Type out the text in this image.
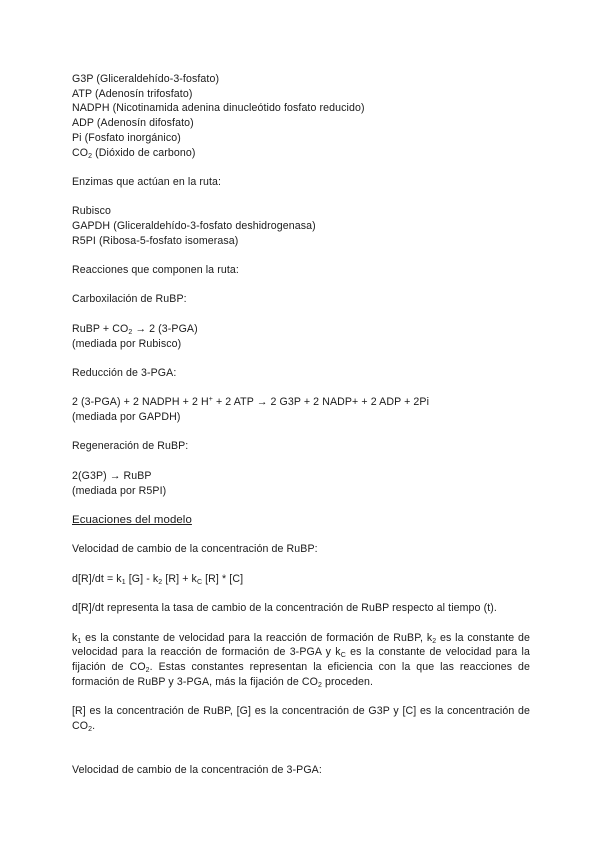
G3P (Gliceraldehído-3-fosfato)
ATP (Adenosín trifosfato)
NADPH (Nicotinamida adenina dinucleótido fosfato reducido)
ADP (Adenosín difosfato)
Pi (Fosfato inorgánico)
$CO_2$ (Dióxido de carbono)
Enzimas que actúan en la ruta:
Rubisco
GAPDH (Gliceraldehído-3-fosfato deshidrogenasa)
R5PI (Ribosa-5-fosfato isomerasa)
Reacciones que componen la ruta:
Carboxilación de RuBP:
RuBP + $CO_2 \to 2$ (3-PGA)
(mediada por Rubisco)
Reducción de 3-PGA:
2 (3-PGA) + 2 NADPH + 2 H+ + 2 ATP → 2 G3P + 2 NADP+ + 2 ADP + 2Pi
(mediada por GAPDH)
Regeneración de RuBP:
2(G3P) → RuBP
(mediada por R5PI)
Ecuaciones del modelo
Velocidad de cambio de la concentración de RuBP:
$d[R]/dt = k_1$ $[G] - k_2$ $[R] + k_C$ [R] * [C]
d[R]/dt representa la tasa de cambio de la concentración de RuBP respecto al tiempo (t).
$k_1$ es la constante de velocidad para la reacción de formación de RuBP, $k_2$ es la constante de velocidad para la reacción de formación de 3-PGA y $k_C$ es la constante de velocidad para la fijación de $CO_2$. Estas constantes representan la eficiencia con la que las reacciones de formación de RuBP y 3-PGA, más la fijación de $CO_2$ proceden.
[R] es la concentración de RuBP, [G] es la concentración de G3P y [C] es la concentración de $CO_2$.
Velocidad de cambio de la concentración de 3-PGA:
